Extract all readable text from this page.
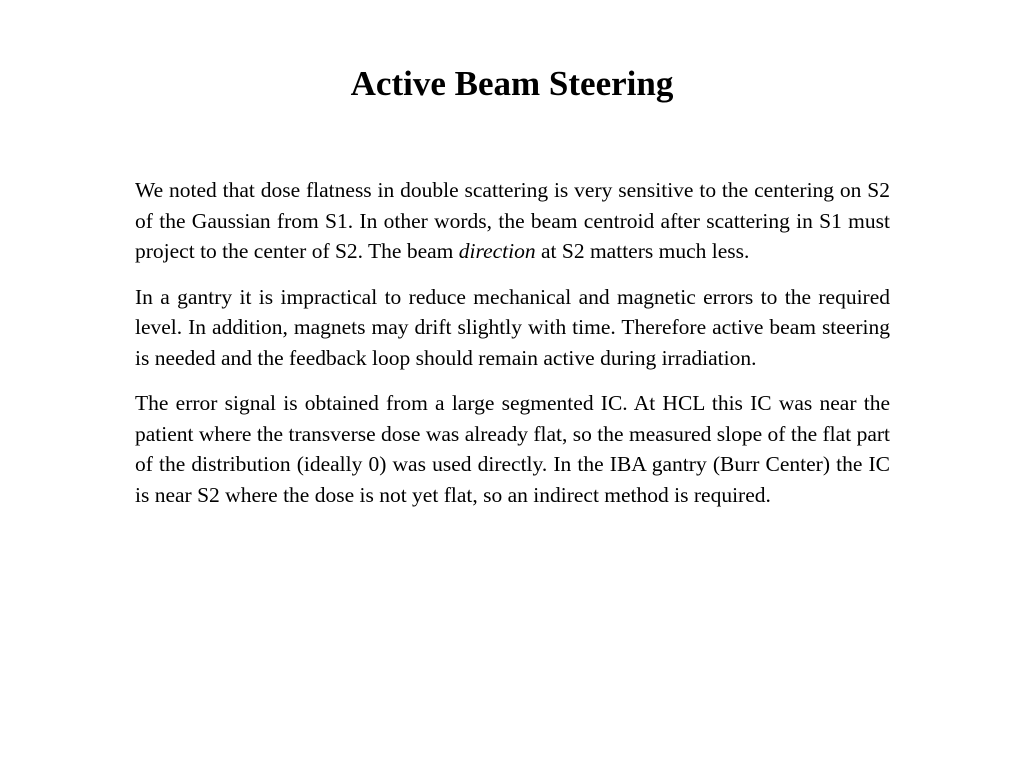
Active Beam Steering

We noted that dose flatness in double scattering is very sensitive to the centering on S2 of the Gaussian from S1. In other words, the beam centroid after scattering in S1 must project to the center of S2. The beam direction at S2 matters much less.

In a gantry it is impractical to reduce mechanical and magnetic errors to the required level. In addition, magnets may drift slightly with time. Therefore active beam steering is needed and the feedback loop should remain active during irradiation.

The error signal is obtained from a large segmented IC. At HCL this IC was near the patient where the transverse dose was already flat, so the measured slope of the flat part of the distribution (ideally 0) was used directly. In the IBA gantry (Burr Center) the IC is near S2 where the dose is not yet flat, so an indirect method is required.
